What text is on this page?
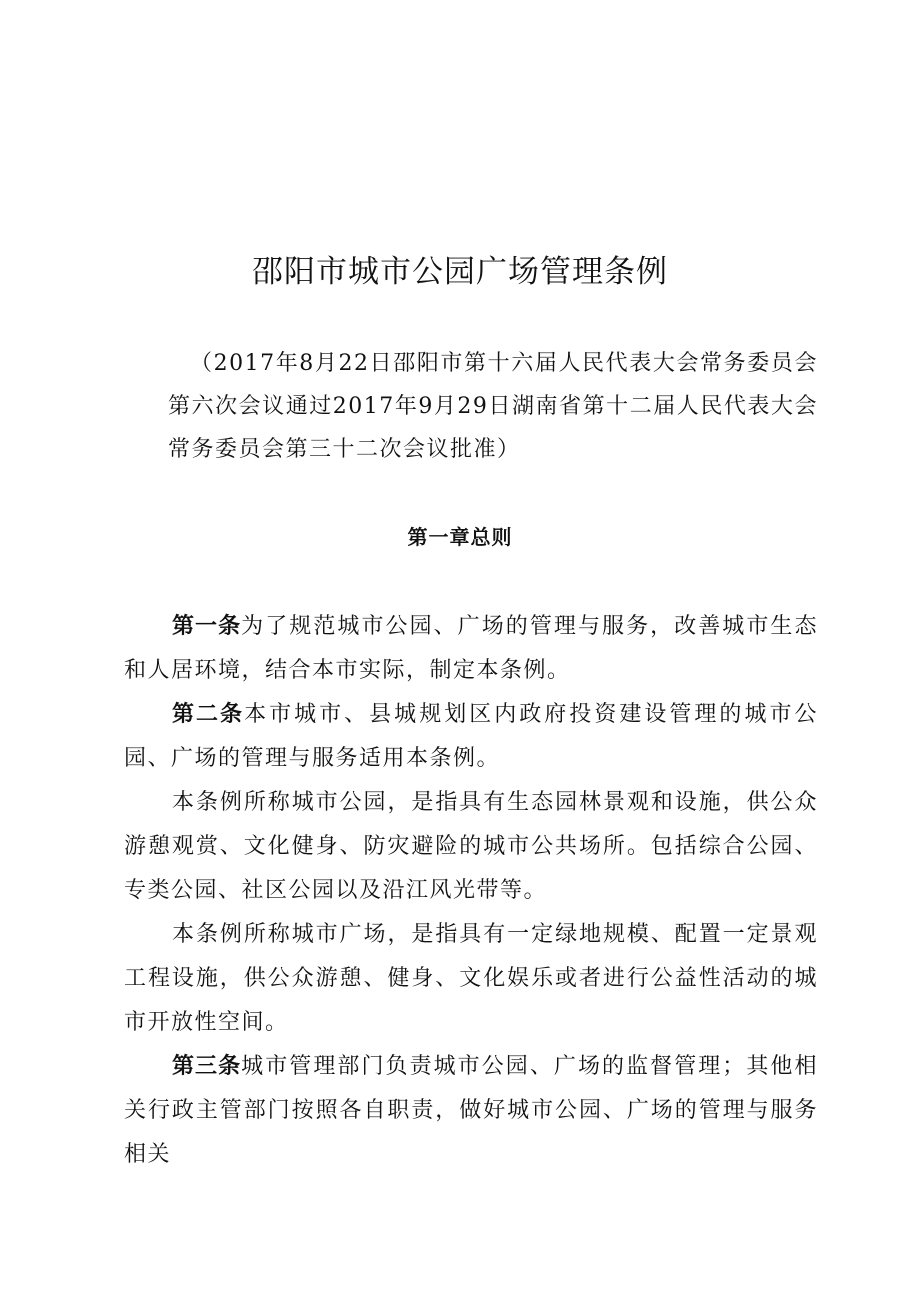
邵阳市城市公园广场管理条例
（2017年8月22日邵阳市第十六届人民代表大会常务委员会第六次会议通过2017年9月29日湖南省第十二届人民代表大会常务委员会第三十二次会议批准）
第一章总则

第一条为了规范城市公园、广场的管理与服务，改善城市生态和人居环境，结合本市实际，制定本条例。

第二条本市城市、县城规划区内政府投资建设管理的城市公园、广场的管理与服务适用本条例。

本条例所称城市公园，是指具有生态园林景观和设施，供公众游憩观赏、文化健身、防灾避险的城市公共场所。包括综合公园、专类公园、社区公园以及沿江风光带等。

本条例所称城市广场，是指具有一定绿地规模、配置一定景观工程设施，供公众游憩、健身、文化娱乐或者进行公益性活动的城市开放性空间。

第三条城市管理部门负责城市公园、广场的监督管理；其他相关行政主管部门按照各自职责，做好城市公园、广场的管理与服务相关
